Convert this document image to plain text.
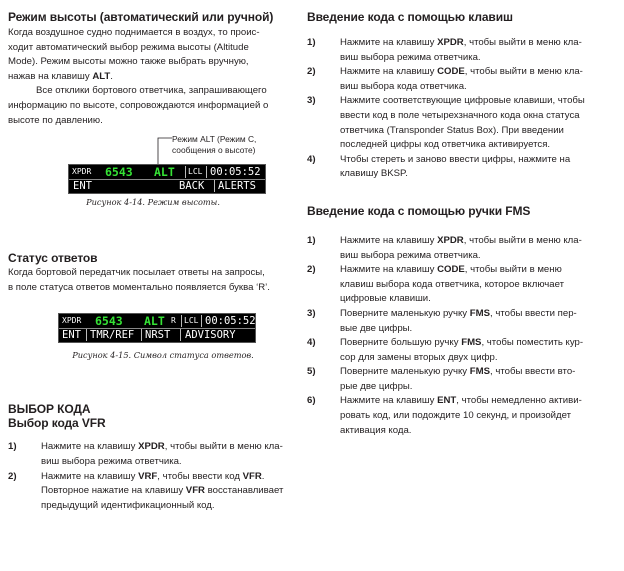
Режим высоты (автоматический или ручной)

Когда воздушное судно поднимается в воздух, то проис-

ходит автоматический выбор режима высоты (Altitude

Mode). Режим высоты можно также выбрать вручную,

нажав на клавишу ALT.

Все отклики бортового ответчика, запрашивающего

информацию по высоте, сопровождаются информацией о

высоте по давлению.

Режим ALT (Режим C,
сообщения о высоте)
XPDR 6543 ALT LCL 00:05:52
ENT	BACK ALERTS
Рисунок 4-14. Режим высоты.
Статус ответов

Когда бортовой передатчик посылает ответы на запросы,

в поле статуса ответов моментально появляется буква ‘R’.

XPDR 6543 ALT R LCL 00:05:52
ENT TMR/REF NRST ADVISORY
Рисунок 4-15. Символ статуса ответов.
ВЫБОР КОДА
Выбор кода VFR
1)	Нажмите на клавишу XPDR, чтобы выйти в меню кла-
виш выбора режима ответчика.
2)	Нажмите на клавишу VRF, чтобы ввести код VFR.
Повторное нажатие на клавишу VFR восстанавливает
предыдущий идентификационный код.
Введение кода с помощью клавиш
1)	Нажмите на клавишу XPDR, чтобы выйти в меню кла-
виш выбора режима ответчика.
2)	Нажмите на клавишу CODE, чтобы выйти в меню кла-
виш выбора кода ответчика.
3)	Нажмите соответствующие цифровые клавиши, чтобы
ввести код в поле четырехзначного кода окна статуса
ответчика (Transponder Status Box). При введении
последней цифры код ответчика активируется.
4)	Чтобы стереть и заново ввести цифры, нажмите на
клавишу BKSP.
Введение кода с помощью ручки FMS
1)	Нажмите на клавишу XPDR, чтобы выйти в меню кла-
виш выбора режима ответчика.
2)	Нажмите на клавишу CODE, чтобы выйти в меню
клавиш выбора кода ответчика, которое включает
цифровые клавиши.
3)	Поверните маленькую ручку FMS, чтобы ввести пер-
вые две цифры.
4)	Поверните большую ручку FMS, чтобы поместить кур-
сор для замены вторых двух цифр.
5)	Поверните маленькую ручку FMS, чтобы ввести вто-
рые две цифры.
6)	Нажмите на клавишу ENT, чтобы немедленно активи-
ровать код, или подождите 10 секунд, и произойдет
активация кода.
